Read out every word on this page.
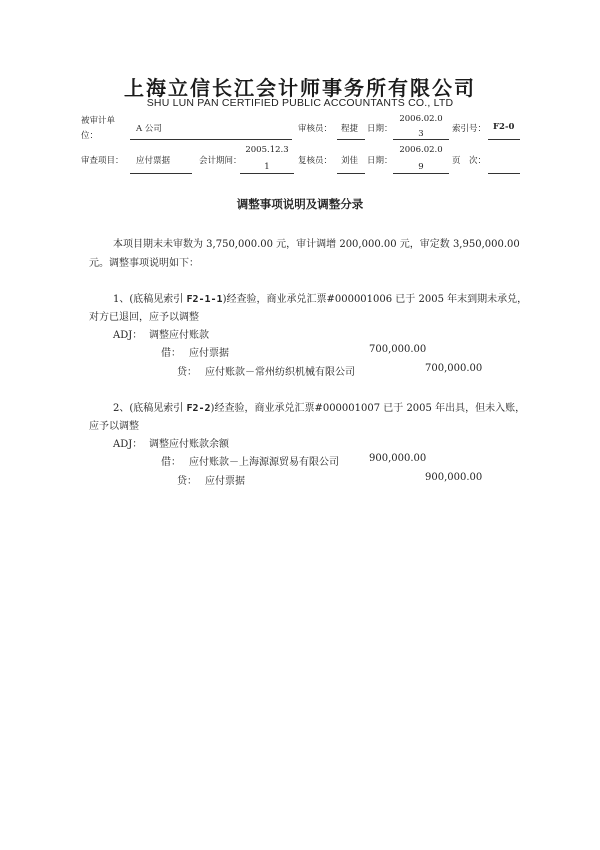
上海立信长江会计师事务所有限公司
SHU LUN PAN CERTIFIED PUBLIC ACCOUNTANTS CO., LTD
被审计单
位：
A 公司	审核员： 程捷 日期：
2006.02.0
3	索引号： F2-0
审查项目： 应付票据	会计期间：
2005.12.3
1
复核员： 刘佳 日期：
2006.02.0
9
页　次：
调整事项说明及调整分录
本项目期末未审数为 3,750,000.00 元，审计调增 200,000.00 元，审定数 3,950,000.00
元。调整事项说明如下：
1、(底稿见索引 F2-1-1)经查验，商业承兑汇票#000001006 已于 2005 年末到期未承兑，
对方已退回，应予以调整
ADJ： 调整应付账款
借： 应付票据	700,000.00
贷： 应付账款－常州纺织机械有限公司	700,000.00
2、(底稿见索引 F2-2)经查验，商业承兑汇票#000001007 已于 2005 年出具，但未入账，
应予以调整
ADJ： 调整应付账款余额
借： 应付账款－上海源源贸易有限公司	900,000.00
贷： 应付票据	900,000.00
